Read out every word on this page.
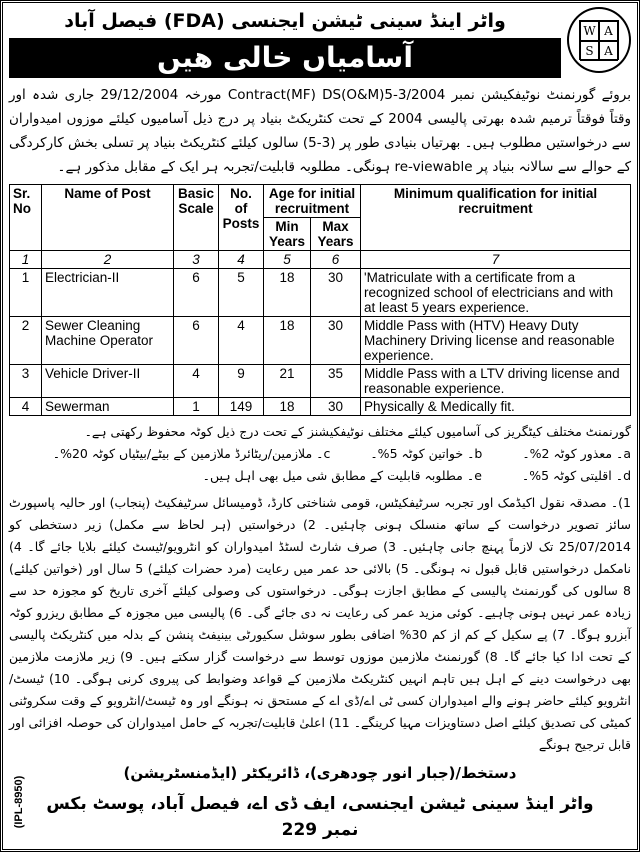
واٹر اینڈ سینی ٹیشن ایجنسی (FDA) فیصل آباد
آسامیاں خالی ھیں
W A
S A
بروئے گورنمنٹ نوٹیفکیشن نمبر Contract(MF) DS(O&M)5-3/2004 مورخہ 29/12/2004 جاری شدہ اور وقتاً فوقتاً ترمیم شدہ بھرتی پالیسی 2004 کے تحت کنٹریکٹ بنیاد پر درج ذیل آسامیوں کیلئے موزوں امیدواران سے درخواستیں مطلوب ہیں۔ بھرتیاں بنیادی طور پر (3-5) سالوں کیلئے کنٹریکٹ بنیاد پر تسلی بخش کارکردگی کے حوالے سے سالانہ بنیاد پر re-viewable ہونگی۔ مطلوبہ قابلیت/تجربہ ہر ایک کے مقابل مذکور ہے۔
Sr. No	Name of Post	Basic Scale	No. of Posts	Age for initial recruitment		Minimum qualification for initial recruitment
				Min Years	Max Years	
1	2	3	4	5	6	7
1	Electrician-II	6	5	18	30	'Matriculate with a certificate from a recognized school of electricians and with at least 5 years experience.
2	Sewer Cleaning Machine Operator	6	4	18	30	Middle Pass with (HTV) Heavy Duty Machinery Driving license and reasonable experience.
3	Vehicle Driver-II	4	9	21	35	Middle Pass with a LTV driving license and reasonable experience.
4	Sewerman	1	149	18	30	Physically & Medically fit.
گورنمنٹ مختلف کیٹگریز کی آسامیوں کیلئے مختلف نوٹیفکیشنز کے تحت درج ذیل کوٹہ محفوظ رکھتی ہے۔
a۔ معذور کوٹہ 2%۔
b۔ خواتین کوٹہ 5%۔
c۔ ملازمین/ریٹائرڈ ملازمین کے بیٹے/بیٹیاں کوٹہ 20%۔
d۔ اقلیتی کوٹہ 5%۔
e۔ مطلوبہ قابلیت کے مطابق شی میل بھی اہل ہیں۔
1)۔ مصدقہ نقول اکیڈمک اور تجربہ سرٹیفکیٹس، قومی شناختی کارڈ، ڈومیسائل سرٹیفکیٹ (پنجاب) اور حالیہ پاسپورٹ سائز تصویر درخواست کے ساتھ منسلک ہونی چاہئیں۔ 2) درخواستیں (ہر لحاظ سے مکمل) زیر دستخطی کو 25/07/2014 تک لازماً پہنچ جانی چاہئیں۔ 3) صرف شارٹ لسٹڈ امیدواران کو انٹرویو/ٹیسٹ کیلئے بلایا جائے گا۔ 4) نامکمل درخواستیں قابل قبول نہ ہونگی۔ 5) بالائی حد عمر میں رعایت (مرد حضرات کیلئے) 5 سال اور (خواتین کیلئے) 8 سالوں کی گورنمنٹ پالیسی کے مطابق اجازت ہوگی۔ درخواستوں کی وصولی کیلئے آخری تاریخ کو مجوزہ حد سے زیادہ عمر نہیں ہونی چاہیے۔ کوئی مزید عمر کی رعایت نہ دی جائے گی۔ 6) پالیسی میں مجوزہ کے مطابق ریزرو کوٹہ آبزرو ہوگا۔ 7) پے سکیل کے کم از کم 30% اضافی بطور سوشل سکیورٹی بینیفٹ پنشن کے بدلہ میں کنٹریکٹ پالیسی کے تحت ادا کیا جائے گا۔ 8) گورنمنٹ ملازمین موزوں توسط سے درخواست گزار سکتے ہیں۔ 9) زیر ملازمت ملازمین بھی درخواست دینے کے اہل ہیں تاہم انہیں کنٹریکٹ ملازمین کے قواعد وضوابط کی پیروی کرنی ہوگی۔ 10) ٹیسٹ/انٹرویو کیلئے حاضر ہونے والے امیدواران کسی ٹی اے/ڈی اے کے مستحق نہ ہونگے اور وہ ٹیسٹ/انٹرویو کے وقت سکروٹنی کمیٹی کی تصدیق کیلئے اصل دستاویزات مہیا کرینگے۔ 11) اعلیٰ قابلیت/تجربہ کے حامل امیدواران کی حوصلہ افزائی اور قابل ترجیح ہونگے
(IPL-8950)
دستخط/(جبار انور چودھری)، ڈائریکٹر (ایڈمنسٹریشن)
واٹر اینڈ سینی ٹیشن ایجنسی، ایف ڈی اے، فیصل آباد، پوسٹ بکس نمبر 229
